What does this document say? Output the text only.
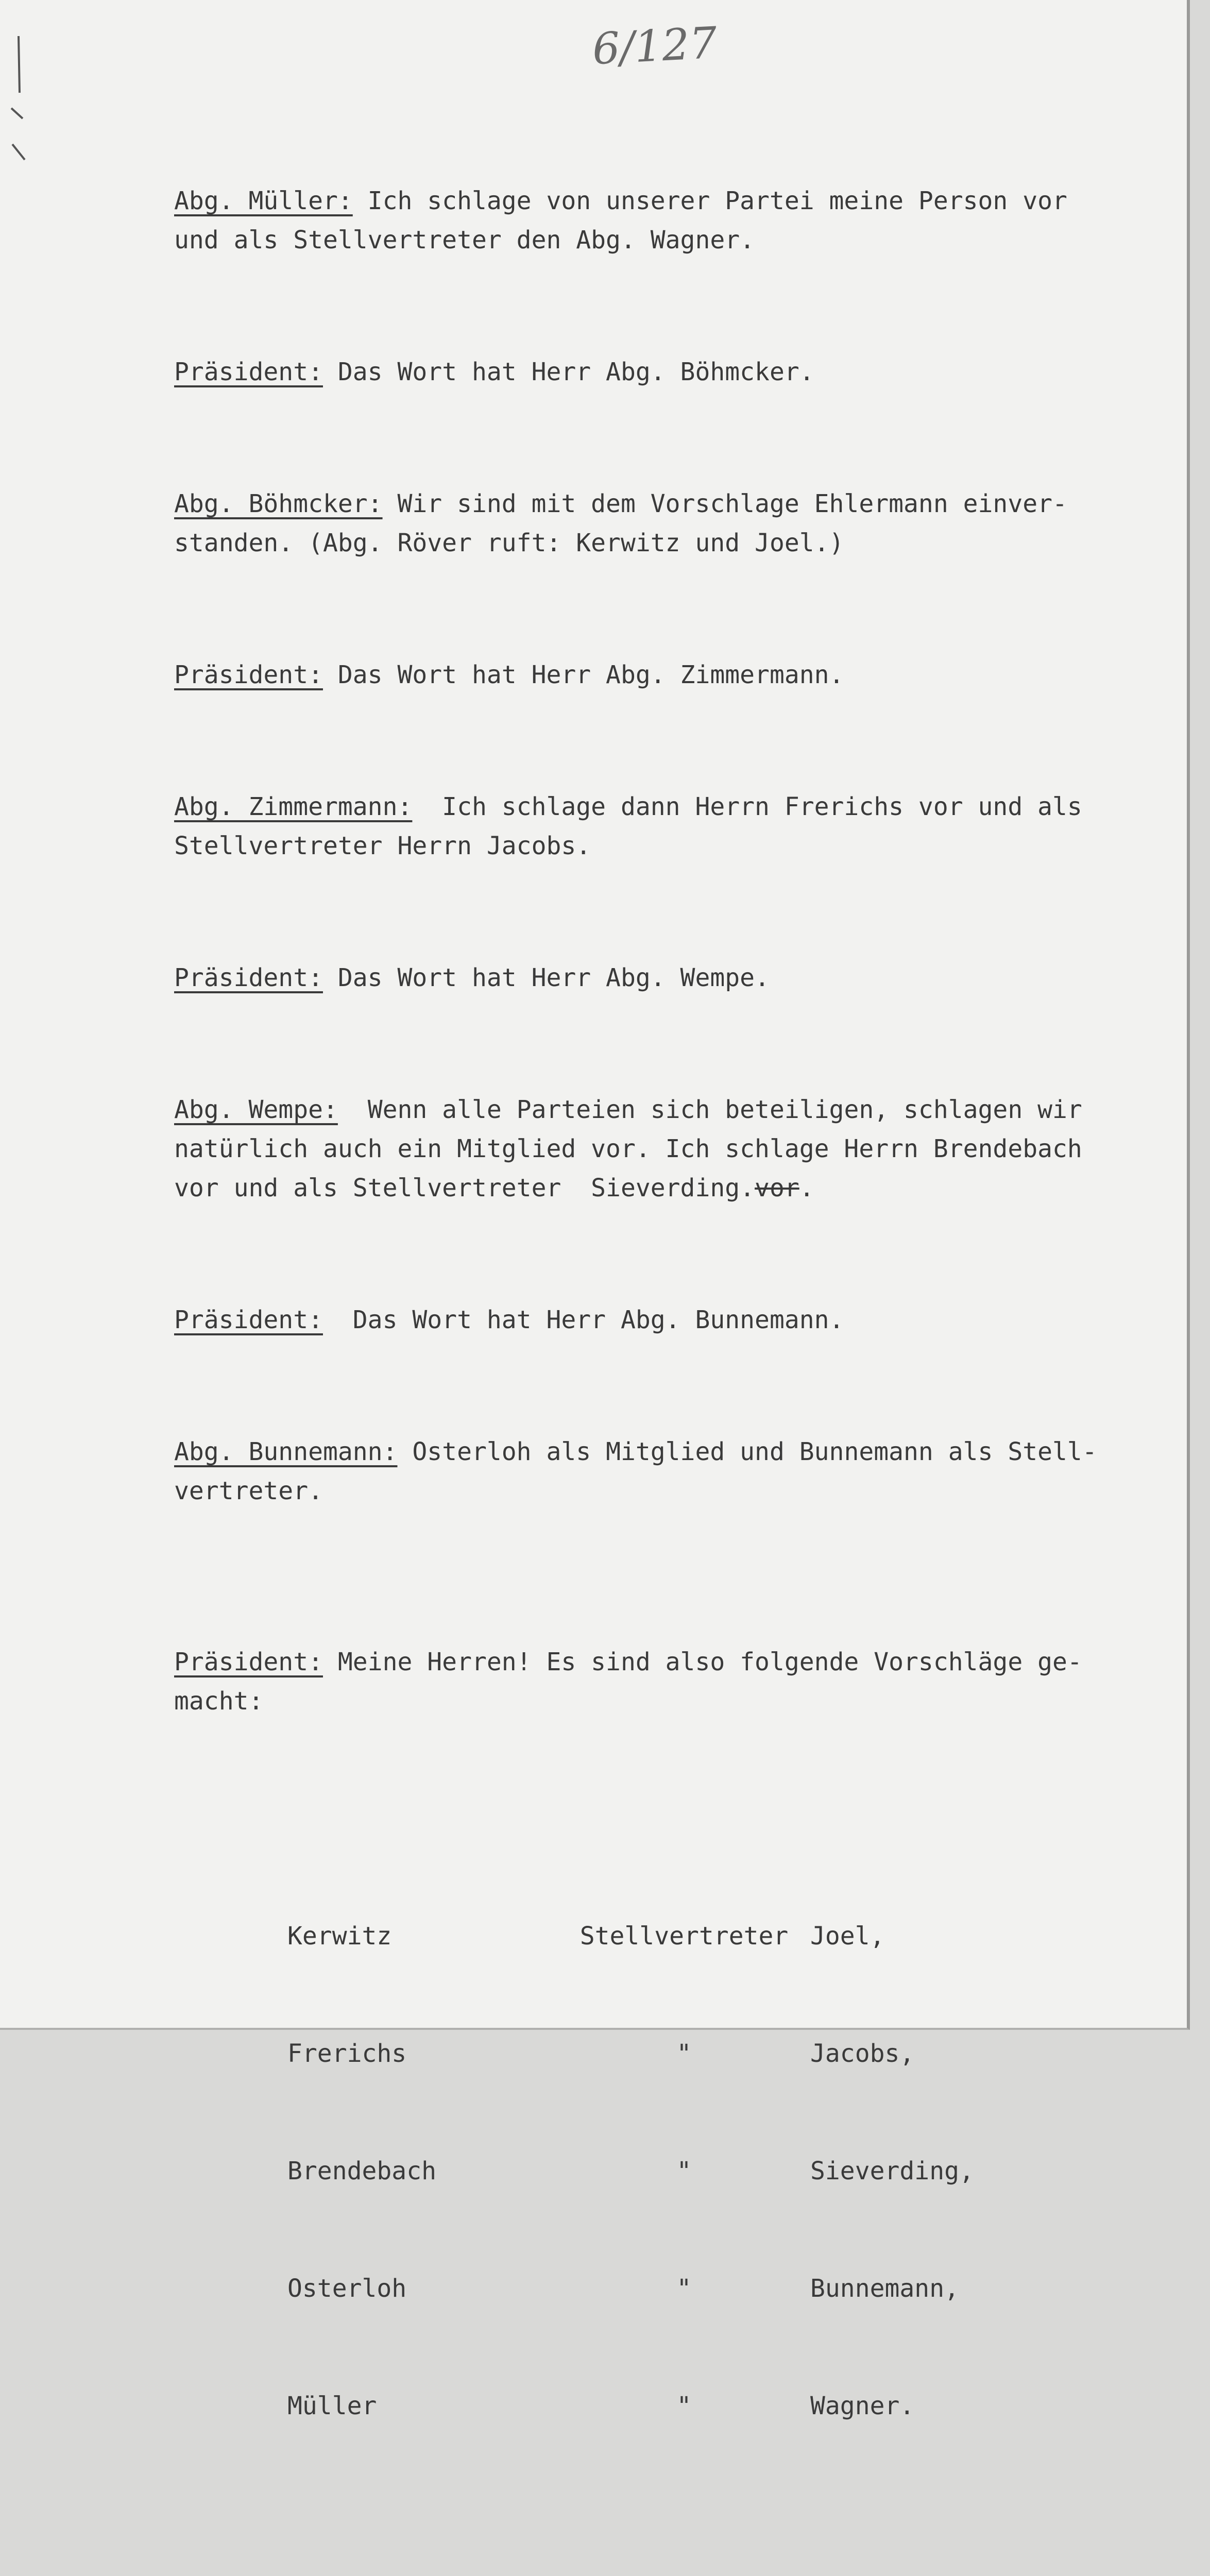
6/127

Abg. Müller: Ich schlage von unserer Partei meine Person vor
und als Stellvertreter den Abg. Wagner.

Präsident: Das Wort hat Herr Abg. Böhmcker.

Abg. Böhmcker: Wir sind mit dem Vorschlage Ehlermann einver-
standen. (Abg. Röver ruft: Kerwitz und Joel.)

Präsident: Das Wort hat Herr Abg. Zimmermann.

Abg. Zimmermann:  Ich schlage dann Herrn Frerichs vor und als
Stellvertreter Herrn Jacobs.

Präsident: Das Wort hat Herr Abg. Wempe.

Abg. Wempe:  Wenn alle Parteien sich beteiligen, schlagen wir
natürlich auch ein Mitglied vor. Ich schlage Herrn Brendebach
vor und als Stellvertreter  Sieverding.vor.

Präsident:  Das Wort hat Herr Abg. Bunnemann.

Abg. Bunnemann: Osterloh als Mitglied und Bunnemann als Stell-
vertreter.

Präsident: Meine Herren! Es sind also folgende Vorschläge ge-
macht:

Kerwitz	Stellvertreter Joel,

Frerichs	"	Jacobs,

Brendebach	"	Sieverding,

Osterloh	"	Bunnemann,

Müller	"	Wagner.
